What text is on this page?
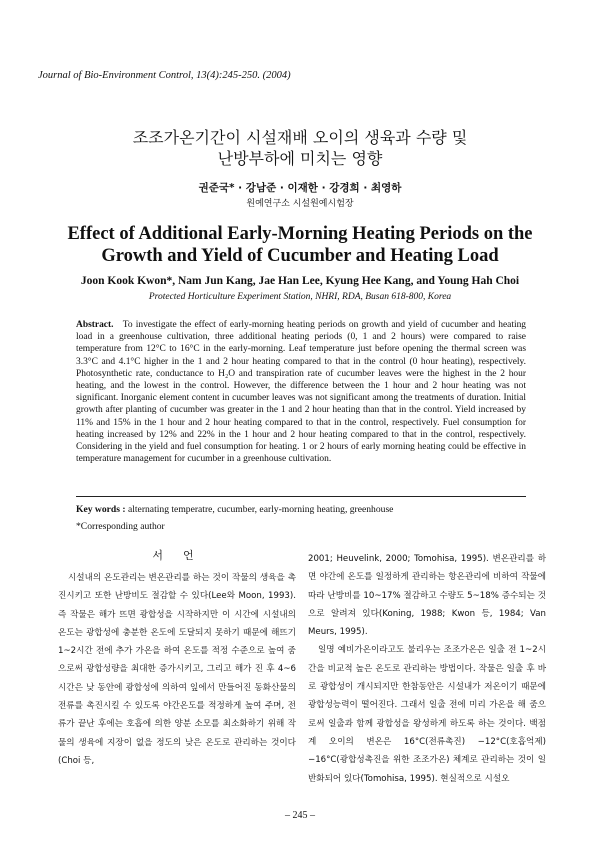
Journal of Bio-Environment Control, 13(4):245-250. (2004)
조조가온기간이 시설재배 오이의 생육과 수량 및
난방부하에 미치는 영향
권준국* · 강남준 · 이재한 · 강경희 · 최영하
원예연구소 시설원예시험장
Effect of Additional Early-Morning Heating Periods on the
Growth and Yield of Cucumber and Heating Load
Joon Kook Kwon*, Nam Jun Kang, Jae Han Lee, Kyung Hee Kang, and Young Hah Choi
Protected Horticulture Experiment Station, NHRI, RDA, Busan 618-800, Korea
Abstract. To investigate the effect of early-morning heating periods on growth and yield of cucumber and heating load in a greenhouse cultivation, three additional heating periods (0, 1 and 2 hours) were compared to raise temperature from 12°C to 16°C in the early-morning. Leaf temperature just before opening the thermal screen was 3.3°C and 4.1°C higher in the 1 and 2 hour heating compared to that in the control (0 hour heating), respectively. Photosynthetic rate, conductance to H₂O and transpiration rate of cucumber leaves were the highest in the 2 hour heating, and the lowest in the control. However, the difference between the 1 hour and 2 hour heating was not significant. Inorganic element content in cucumber leaves was not significant among the treatments of duration. Initial growth after planting of cucumber was greater in the 1 and 2 hour heating than that in the control. Yield increased by 11% and 15% in the 1 hour and 2 hour heating compared to that in the control, respectively. Fuel consumption for heating increased by 12% and 22% in the 1 hour and 2 hour heating compared to that in the control, respectively. Considering in the yield and fuel consumption for heating. 1 or 2 hours of early morning heating could be effective in temperature management for cucumber in a greenhouse cultivation.
Key words : alternating temperatre, cucumber, early-morning heating, greenhouse
*Corresponding author
서언
시설내의 온도관리는 변온관리를 하는 것이 작물의 생육을 촉진시키고 또한 난방비도 절감할 수 있다(Lee와 Moon, 1993). 즉 작물은 해가 뜨면 광합성을 시작하지만 이 시간에 시설내의 온도는 광합성에 충분한 온도에 도달되지 못하기 때문에 해뜨기 1~2시간 전에 추가 가온을 하여 온도를 적정 수준으로 높여 줌으로써 광합성량을 최대한 증가시키고, 그리고 해가 진 후 4~6시간은 낮 동안에 광합성에 의하여 잎에서 만들어진 동화산물의 전류를 촉진시킬 수 있도록 야간온도를 적정하게 높여 주며, 전류가 끝난 후에는 호흡에 의한 양분 소모를 최소화하기 위해 작물의 생육에 지장이 없을 정도의 낮은 온도로 관리하는 것이다(Choi 등,

2001; Heuvelink, 2000; Tomohisa, 1995). 변온관리를 하면 야간에 온도를 일정하게 관리하는 항온관리에 비하여 작물에 따라 난방비를 10~17% 절감하고 수량도 5~18% 증수되는 것으로 알려져 있다(Koning, 1988; Kwon 등, 1984; Van Meurs, 1995).

일명 예비가온이라고도 불리우는 조조가온은 일출 전 1~2시간을 비교적 높은 온도로 관리하는 방법이다. 작물은 일출 후 바로 광합성이 개시되지만 한참동안은 시설내가 저온이기 때문에 광합성능력이 떨어진다. 그래서 일출 전에 미리 가온을 해 줌으로써 일출과 함께 광합성을 왕성하게 하도록 하는 것이다. 백점계 오이의 변온은 16°C(전류촉진) −12°C(호흡억제) −16°C(광합성촉진을 위한 조조가온) 체계로 관리하는 것이 일반화되어 있다(Tomohisa, 1995). 현실적으로 시설오

– 245 –
